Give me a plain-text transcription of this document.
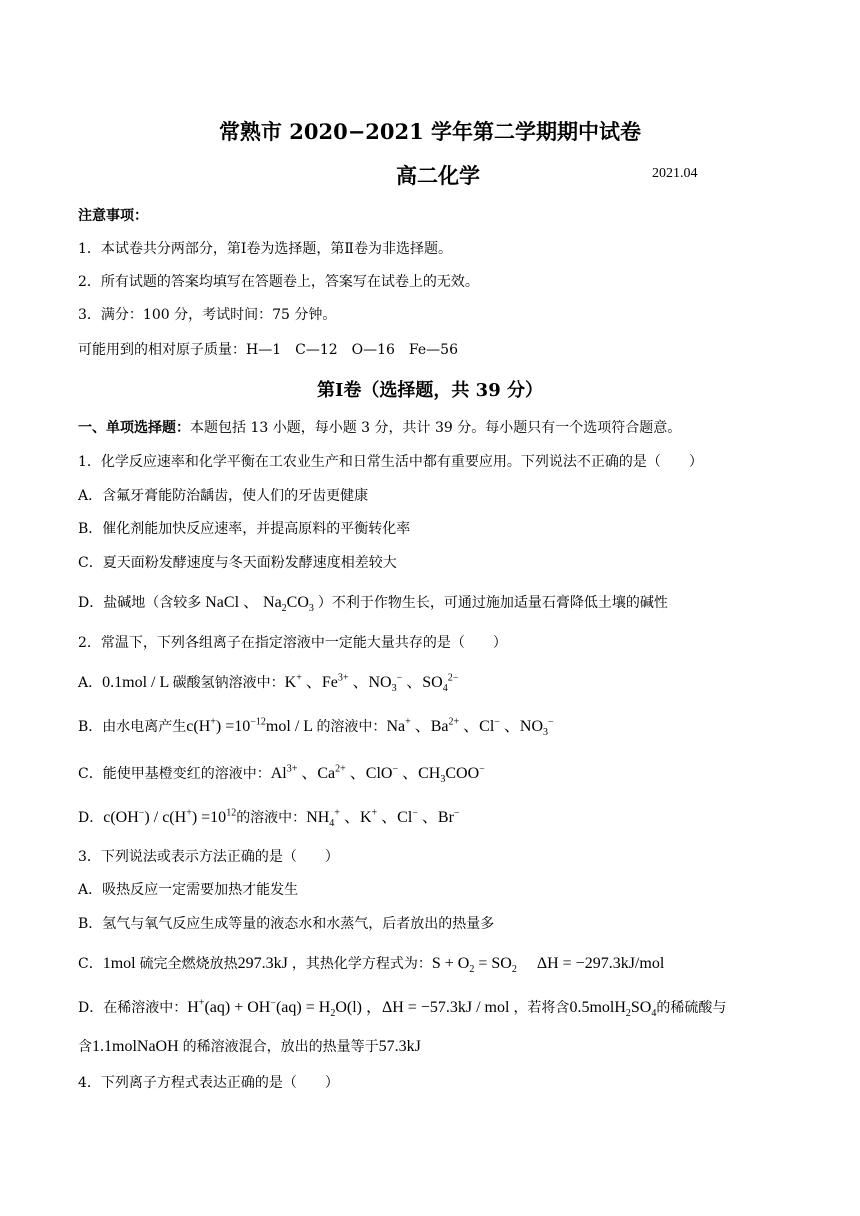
常熟市 2020−2021 学年第二学期期中试卷
高二化学	2021.04
注意事项：
1．本试卷共分两部分，第Ⅰ卷为选择题，第Ⅱ卷为非选择题。
2．所有试题的答案均填写在答题卷上，答案写在试卷上的无效。
3．满分：100 分，考试时间：75 分钟。
可能用到的相对原子质量：H—1　C—12　O—16　Fe—56
第Ⅰ卷（选择题，共 39 分）
一、单项选择题：本题包括 13 小题，每小题 3 分，共计 39 分。每小题只有一个选项符合题意。
1．化学反应速率和化学平衡在工农业生产和日常生活中都有重要应用。下列说法不正确的是（　　）
A．含氟牙膏能防治龋齿，使人们的牙齿更健康
B．催化剂能加快反应速率，并提高原料的平衡转化率
C．夏天面粉发酵速度与冬天面粉发酵速度相差较大
D．盐碱地（含较多 NaCl 、 $Na_2CO_3$ ）不利于作物生长，可通过施加适量石膏降低土壤的碱性
2．常温下，下列各组离子在指定溶液中一定能大量共存的是（　　）
A．0.1mol / L 碳酸氢钠溶液中：K+ 、$Fe^{3+}$ 、$NO_3^-$ 、$SO_4^{2-}$
B．由水电离产生$c(H^+) =10^{-12}mol / L$ 的溶液中：Na+ 、$Ba^{2+}$ 、Cl− 、$NO_3^-$
C．能使甲基橙变红的溶液中：$Al^{3+}$ 、$Ca^{2+}$ 、ClO− 、$CH_3COO^-$
D．$c(OH^-) / c(H^+) =10^{12}$的溶液中：$NH_4^+$ 、K+ 、Cl− 、Br−
3．下列说法或表示方法正确的是（　　）
A．吸热反应一定需要加热才能发生
B．氢气与氧气反应生成等量的液态水和水蒸气，后者放出的热量多
C．1mol 硫完全燃烧放热297.3kJ ，其热化学方程式为：$S + O_2 = SO_2$　 ΔH = −297.3kJ/mol
D．在稀溶液中：$H^+(aq) + OH^-(aq) = H_2O(l)$ ，ΔH = −57.3kJ / mol ，若将含$0.5molH_2SO_4$的稀硫酸与
含1.1molNaOH 的稀溶液混合，放出的热量等于57.3kJ
4．下列离子方程式表达正确的是（　　）
